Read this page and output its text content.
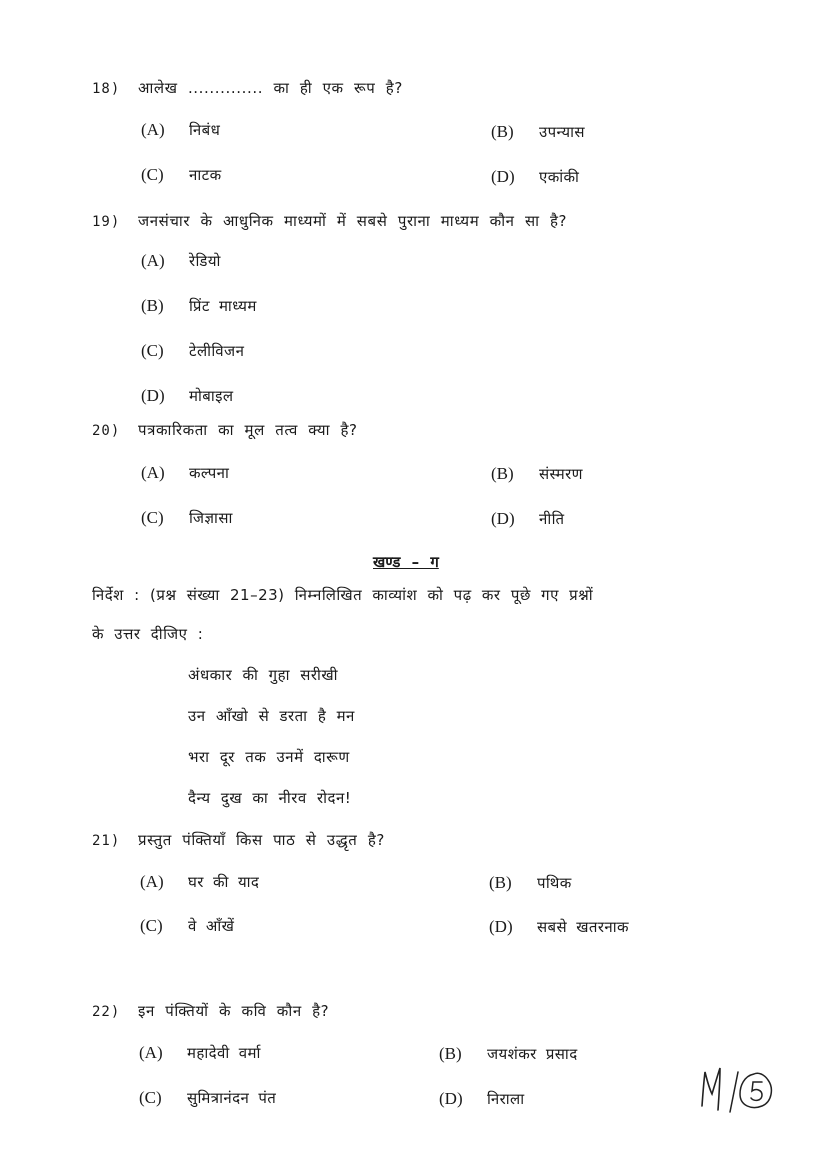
18) आलेख .............. का ही एक रूप है?
(A) निबंध	(B) उपन्यास
(C) नाटक	(D) एकांकी
19) जनसंचार के आधुनिक माध्यमों में सबसे पुराना माध्यम कौन सा है?
(A) रेडियो
(B) प्रिंट माध्यम
(C) टेलीविजन
(D) मोबाइल
20) पत्रकारिकता का मूल तत्व क्या है?
(A) कल्पना	(B) संस्मरण
(C) जिज्ञासा	(D) नीति
खण्ड – ग
निर्देश : (प्रश्न संख्या 21–23) निम्नलिखित काव्यांश को पढ़ कर पूछे गए प्रश्नों
के उत्तर दीजिए :
अंधकार की गुहा सरीखी
उन आँखो से डरता है मन
भरा दूर तक उनमें दारूण
दैन्य दुख का नीरव रोदन!
21) प्रस्तुत पंक्तियाँ किस पाठ से उद्धृत है?
(A) घर की याद	(B) पथिक
(C) वे आँखें	(D) सबसे खतरनाक
22) इन पंक्तियों के कवि कौन है?
(A) महादेवी वर्मा	(B) जयशंकर प्रसाद
(C) सुमित्रानंदन पंत	(D) निराला
